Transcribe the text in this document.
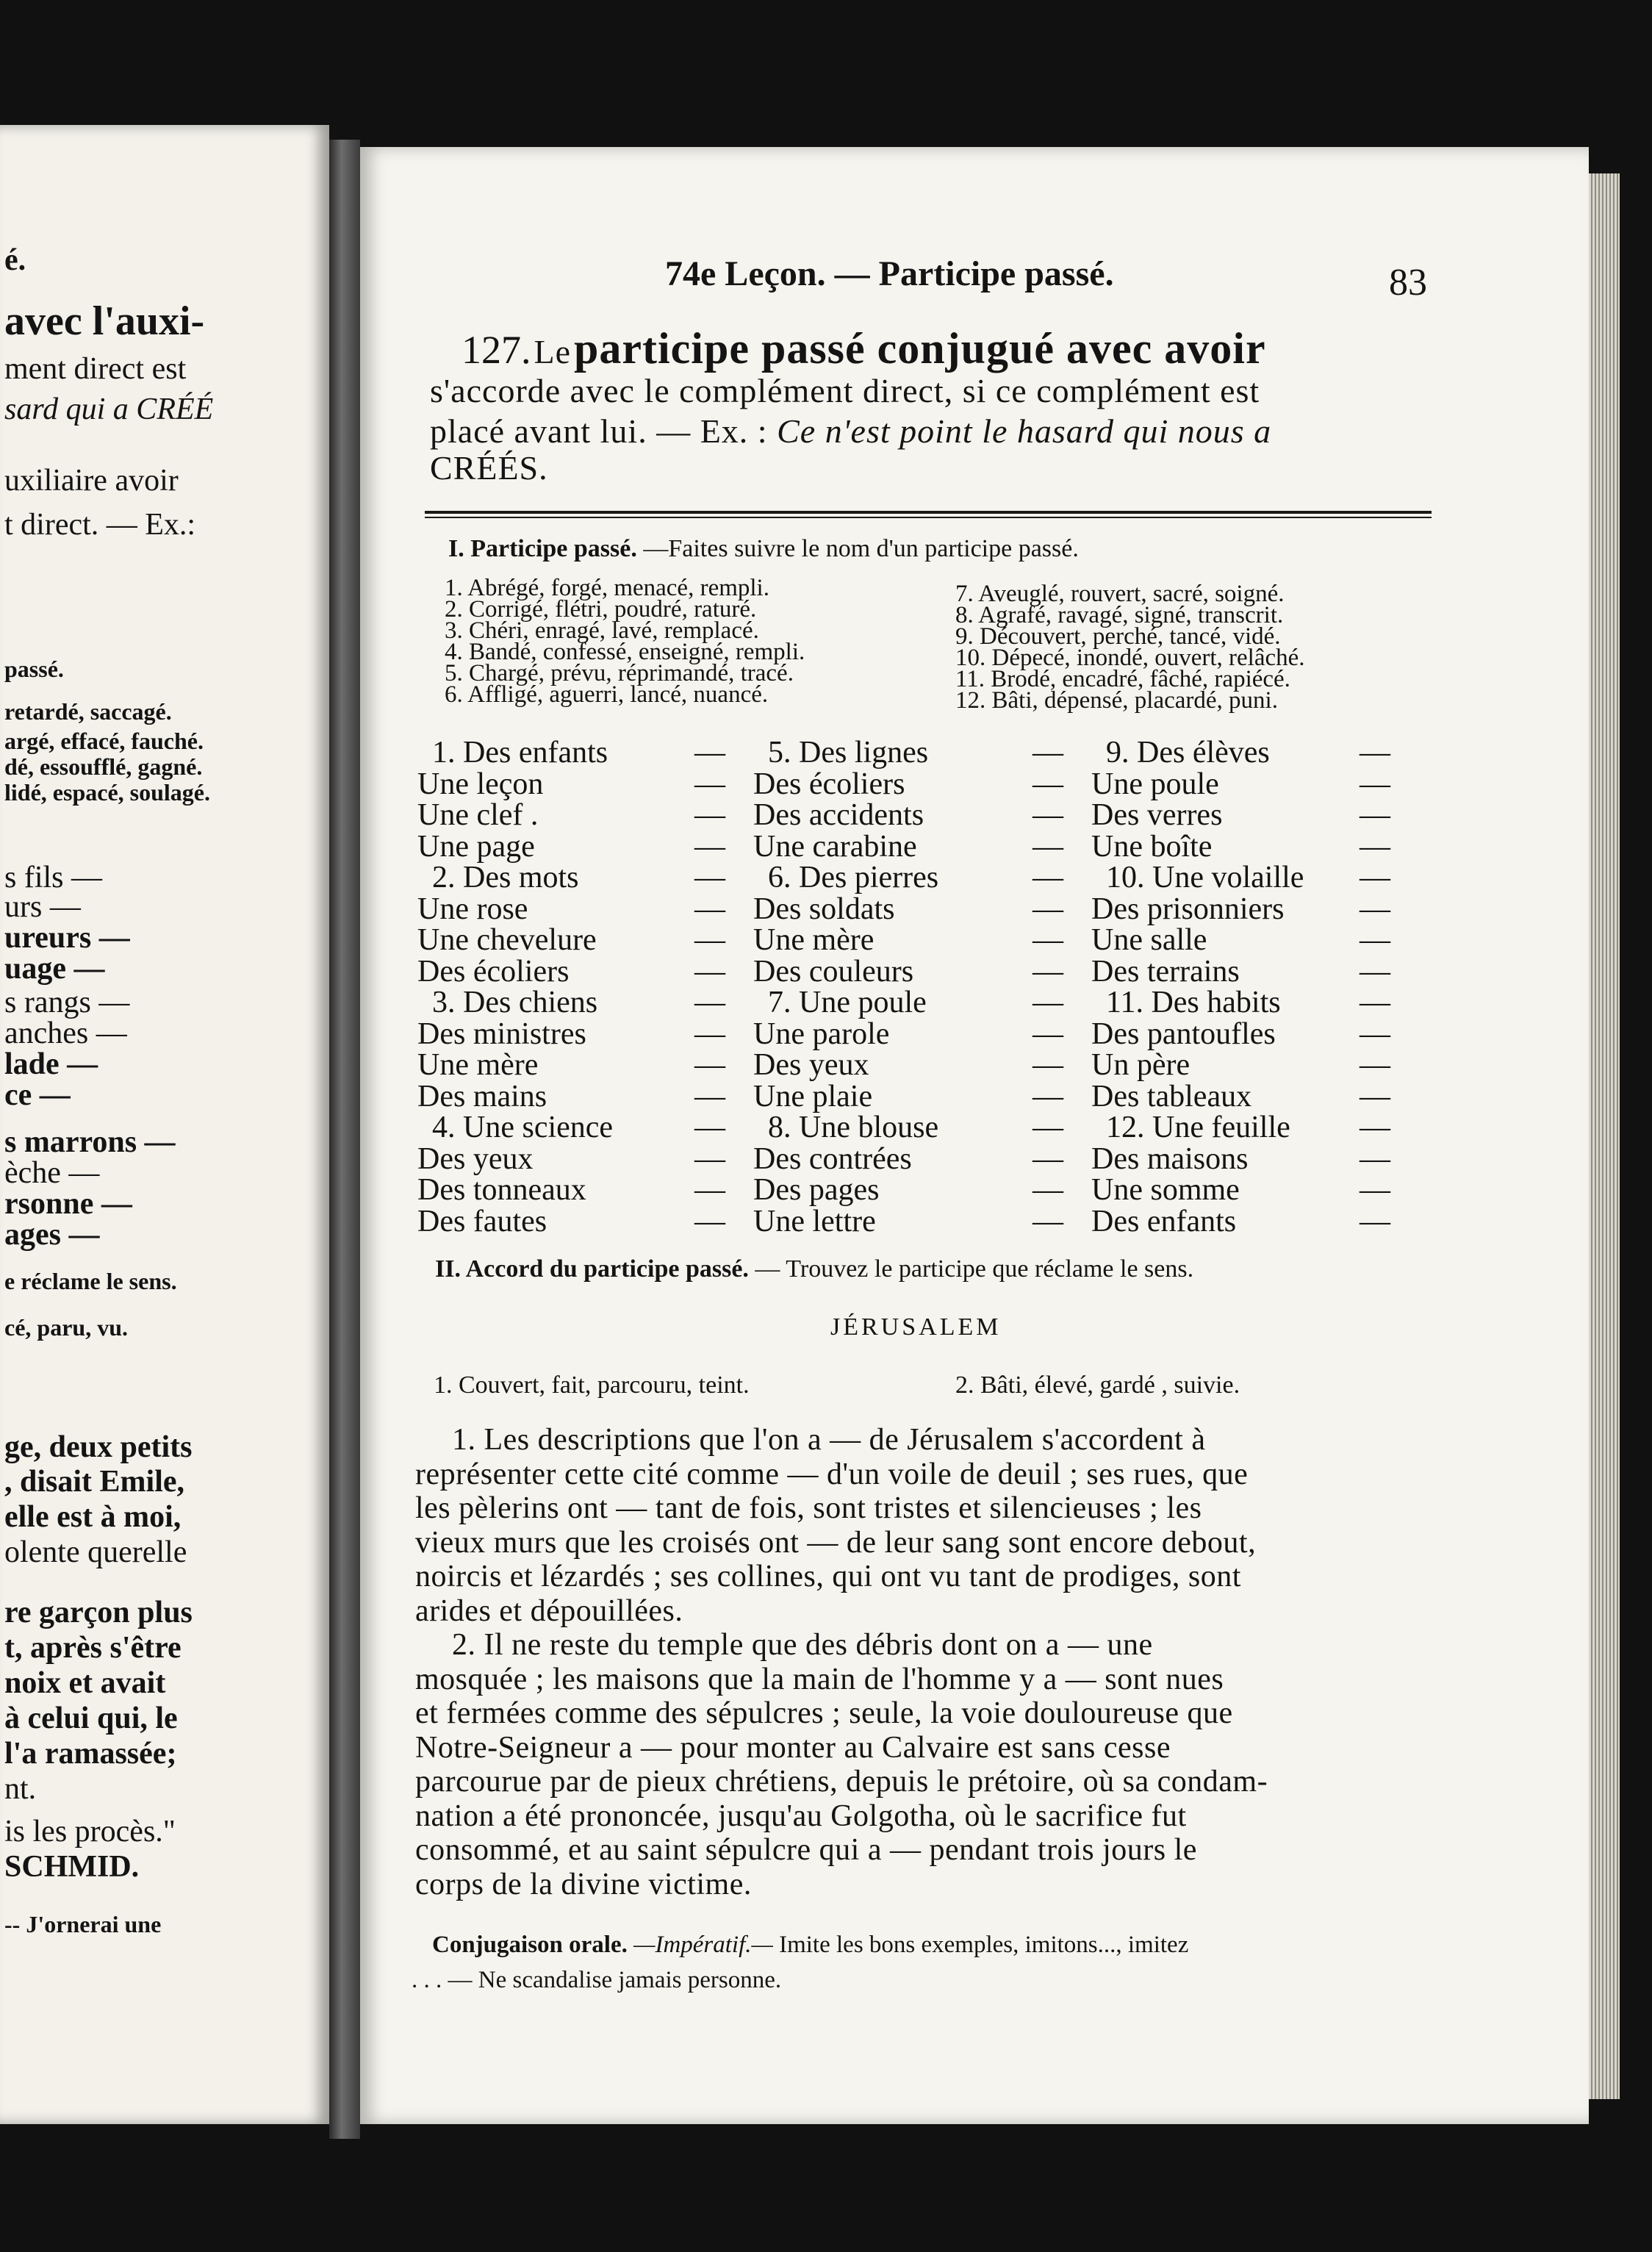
é.
avec l'auxi-
ment direct est
sard qui a CRÉÉ
uxiliaire avoir
t direct. — Ex.:
passé.
retardé, saccagé.
argé, effacé, fauché.
dé, essoufflé, gagné.
lidé, espacé, soulagé.
s fils —
urs —
ureurs —
uage —
s rangs —
anches —
lade —
ce —
s marrons —
èche —
rsonne —
ages —
e réclame le sens.
cé, paru, vu.
ge, deux petits
, disait Emile,
elle est à moi,
olente querelle
re garçon plus
t, après s'être
noix et avait
à celui qui, le
l'a ramassée;
nt.
is les procès."
SCHMID.
-- J'ornerai une
74e Leçon. — Participe passé.	83
127. Le participe passé conjugué avec avoir
s'accorde avec le complément direct, si ce complément est
placé avant lui. — Ex. : Ce n'est point le hasard qui nous a
CRÉÉS.
I. Participe passé. —Faites suivre le nom d'un participe passé.
1. Abrégé, forgé, menacé, rempli.
2. Corrigé, flétri, poudré, raturé.
3. Chéri, enragé, lavé, remplacé.
4. Bandé, confessé, enseigné, rempli.
5. Chargé, prévu, réprimandé, tracé.
6. Affligé, aguerri, lancé, nuancé.
7. Aveuglé, rouvert, sacré, soigné.
8. Agrafé, ravagé, signé, transcrit.
9. Découvert, perché, tancé, vidé.
10. Dépecé, inondé, ouvert, relâché.
11. Brodé, encadré, fâché, rapiécé.
12. Bâti, dépensé, placardé, puni.
1. Des enfants	—
Une leçon	—
Une clef .	—
Une page	—
2. Des mots	—
Une rose	—
Une chevelure	—
Des écoliers	—
3. Des chiens	—
Des ministres	—
Une mère	—
Des mains	—
4. Une science	—
Des yeux	—
Des tonneaux	—
Des fautes	—
5. Des lignes	—
Des écoliers	—
Des accidents	—
Une carabine	—
6. Des pierres	—
Des soldats	—
Une mère	—
Des couleurs	—
7. Une poule	—
Une parole	—
Des yeux	—
Une plaie	—
8. Une blouse	—
Des contrées	—
Des pages	—
Une lettre	—
9. Des élèves	—
Une poule	—
Des verres	—
Une boîte	—
10. Une volaille —
Des prisonniers —
Une salle	—
Des terrains	—
11. Des habits	—
Des pantoufles	—
Un père	—
Des tableaux	—
12. Une feuille —
Des maisons	—
Une somme	—
Des enfants	—
II. Accord du participe passé. — Trouvez le participe que réclame le sens.
JÉRUSALEM
1. Couvert, fait, parcouru, teint.	2. Bâti, élevé, gardé , suivie.
1. Les descriptions que l'on a — de Jérusalem s'accordent à
représenter cette cité comme — d'un voile de deuil ; ses rues, que
les pèlerins ont — tant de fois, sont tristes et silencieuses ; les
vieux murs que les croisés ont — de leur sang sont encore debout,
noircis et lézardés ; ses collines, qui ont vu tant de prodiges, sont
arides et dépouillées.
2. Il ne reste du temple que des débris dont on a — une
mosquée ; les maisons que la main de l'homme y a — sont nues
et fermées comme des sépulcres ; seule, la voie douloureuse que
Notre-Seigneur a — pour monter au Calvaire est sans cesse
parcourue par de pieux chrétiens, depuis le prétoire, où sa condam-
nation a été prononcée, jusqu'au Golgotha, où le sacrifice fut
consommé, et au saint sépulcre qui a — pendant trois jours le
corps de la divine victime.
Conjugaison orale. —Impératif.— Imite les bons exemples, imitons..., imitez
. . . — Ne scandalise jamais personne.
